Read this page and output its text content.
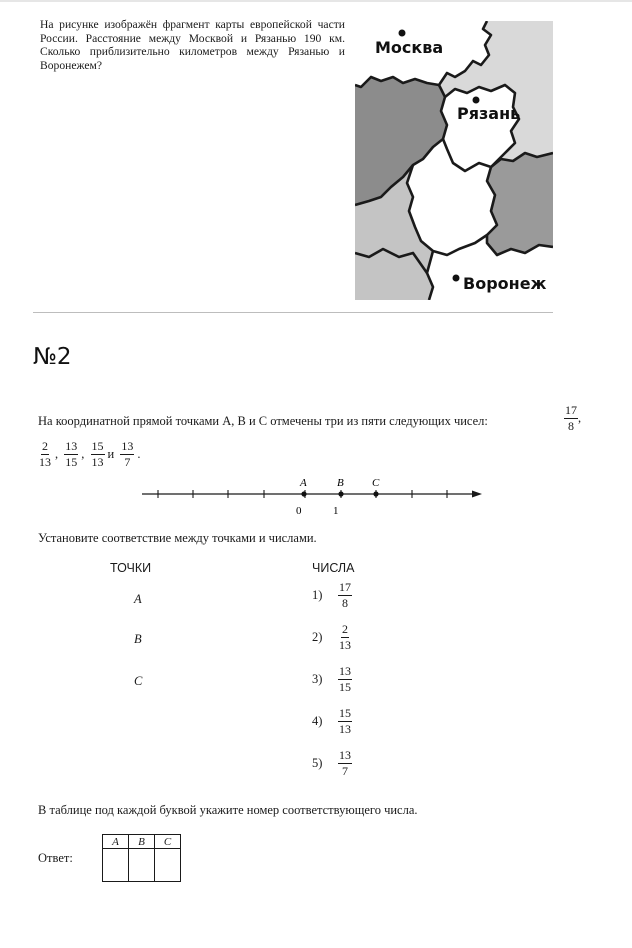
На рисунке изображён фрагмент карты европейской части России. Расстояние между Москвой и Рязанью 190 км. Сколько приблизительно километров между Рязанью и Воронежем?
Москва
Рязань
Воронеж
№2
На координатной прямой точками A, B и C отмечены три из пяти следующих чисел:	$\frac{17}{8}$ ,
$\frac{2}{13}$ , $\frac{13}{15}$ , $\frac{15}{13}$ и $\frac{13}{7}$ .
A	B	C
0	1
Установите соответствие между точками и числами.
ТОЧКИ	ЧИСЛА
A
B
C
$1) \frac{17}{8}$
$2) \frac{2}{13}$
$3) \frac{13}{15}$
$4) \frac{15}{13}$
$5) \frac{13}{7}$
В таблице под каждой буквой укажите номер соответствующего числа.
Ответ:
A	B	C
